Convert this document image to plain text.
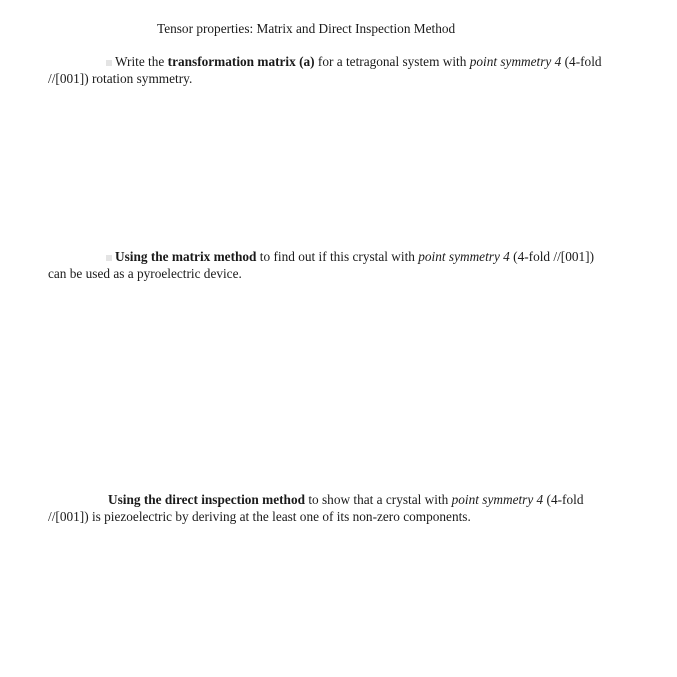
Tensor properties: Matrix and Direct Inspection Method

Write the transformation matrix (a) for a tetragonal system with point symmetry 4 (4-fold
//[001]) rotation symmetry.
Using the matrix method to find out if this crystal with point symmetry 4 (4-fold //[001])
can be used as a pyroelectric device.
Using the direct inspection method to show that a crystal with point symmetry 4 (4-fold
//[001]) is piezoelectric by deriving at the least one of its non-zero components.
